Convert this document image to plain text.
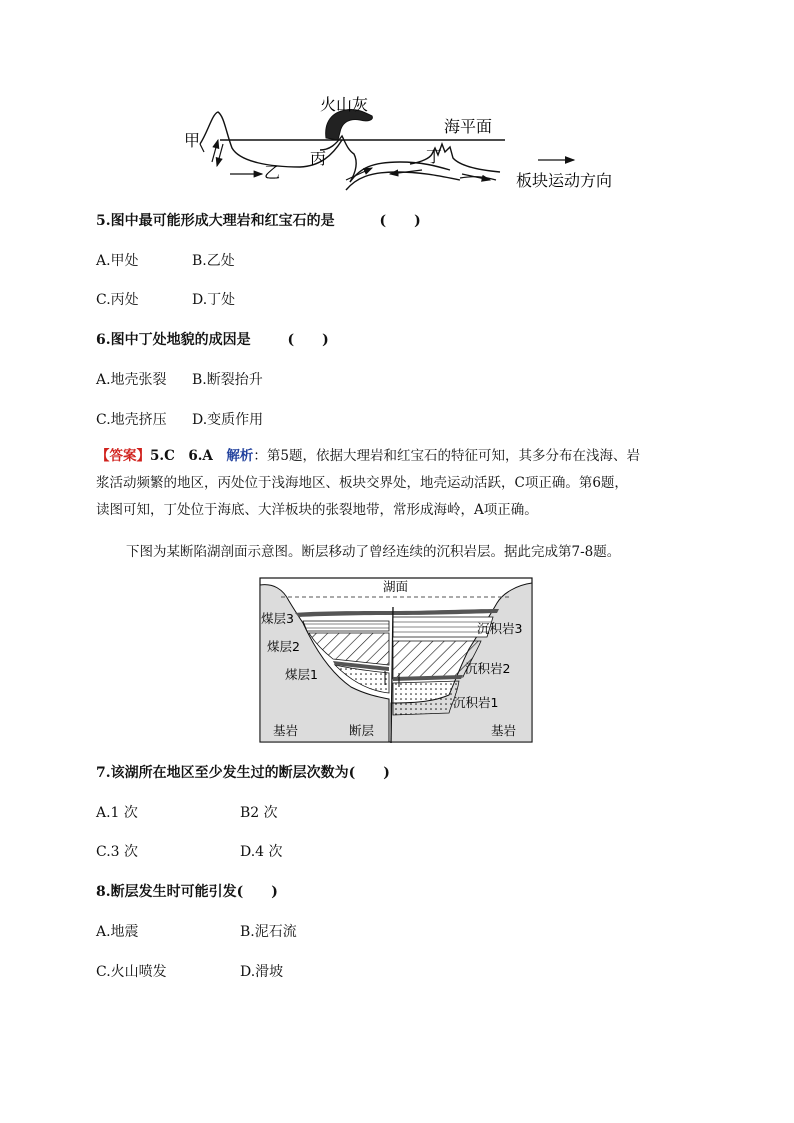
甲
乙
丙	丁
火山灰
海平面
板块运动方向
5.图中最可能形成大理岩和红宝石的是	(　　)
A.甲处	B.乙处
C.丙处	D.丁处
6.图中丁处地貌的成因是	(　　)
A.地壳张裂 B.断裂抬升
C.地壳挤压 D.变质作用
【答案】5.C　6.A　解析：第5题，依据大理岩和红宝石的特征可知，其多分布在浅海、岩
浆活动频繁的地区，丙处位于浅海地区、板块交界处，地壳运动活跃，C项正确。第6题，
读图可知，丁处位于海底、大洋板块的张裂地带，常形成海岭，A项正确。
下图为某断陷湖剖面示意图。断层移动了曾经连续的沉积岩层。据此完成第7-8题。
湖面
煤层3
煤层2
煤层1
沉积岩3
沉积岩2
沉积岩1
基岩	断层	基岩
7.该湖所在地区至少发生过的断层次数为(　　)
A.1 次	B2 次
C.3 次	D.4 次
8.断层发生时可能引发(　　)
A.地震	B.泥石流
C.火山喷发	D.滑坡
